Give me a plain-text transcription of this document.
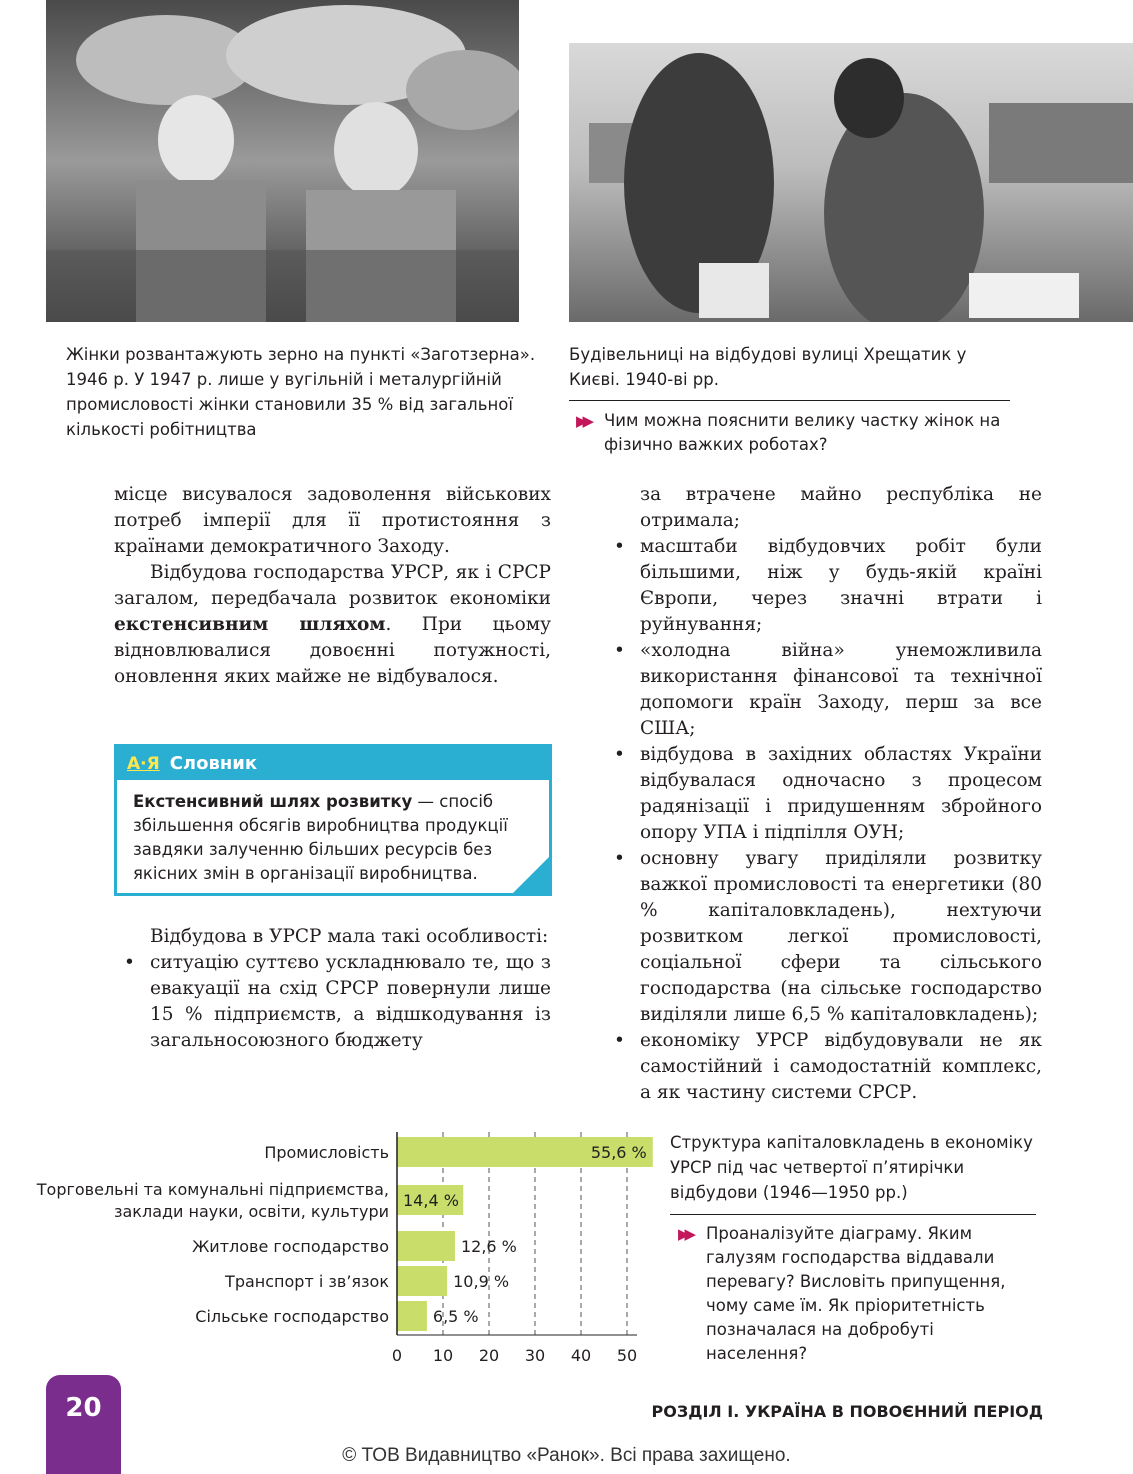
Жінки розвантажують зерно на пункті «Заготзерна». 1946 р. У 1947 р. лише у вугільній і металургійній промисловості жінки становили 35 % від загальної кількості робітництва
Будівельниці на відбудові вулиці Хрещатик у Києві. 1940-ві рр.
▶▶ Чим можна пояснити велику частку жінок на фізично важких роботах?

місце висувалося задоволення військових потреб імперії для її протистояння з країнами демократичного Заходу.

Відбудова господарства УРСР, як і СРСР загалом, передбачала розвиток економіки екстенсивним шляхом. При цьому відновлювалися довоєнні потужності, оновлення яких майже не відбувалося.

А·Я Словник
Екстенсивний шлях розвитку — спосіб збільшення обсягів виробництва продукції завдяки залученню більших ресурсів без якісних змін в організації виробництва.

Відбудова в УРСР мала такі особливості:

• ситуацію суттєво ускладнювало те, що з евакуації на схід СРСР повернули лише 15 % підприємств, а відшкодування із загальносоюзного бюджету

за втрачене майно республіка не отримала;

• масштаби відбудовчих робіт були більшими, ніж у будь-якій країні Європи, через значні втрати і руйнування;
• «холодна війна» унеможливила використання фінансової та технічної допомоги країн Заходу, перш за все США;
• відбудова в західних областях України відбувалася одночасно з процесом радянізації і придушенням збройного опору УПА і підпілля ОУН;
• основну увагу приділяли розвитку важкої промисловості та енергетики (80 % капіталовкладень), нехтуючи розвитком легкої промисловості, соціальної сфери та сільського господарства (на сільське господарство виділяли лише 6,5 % капіталовкладень);
• економіку УРСР відбудовували не як самостійний і самодостатній комплекс, а як частину системи СРСР.
Промисловість
Торговельні та комунальні підприємства,
заклади науки, освіти, культури
Житлове господарство
Транспорт і зв’язок
Сільське господарство
55,6 %
14,4 %
12,6 %
10,9 %
6,5 %
0 10 20 30 40 50
Структура капіталовкладень в економіку УРСР під час четвертої п’ятирічки відбудови (1946—1950 рр.)
▶▶ Проаналізуйте діаграму. Яким галузям господарства віддавали перевагу? Висловіть припущення, чому саме їм. Як пріоритетність позначалася на добробуті населення?
20	РОЗДІЛ І. УКРАЇНА В ПОВОЄННИЙ ПЕРІОД
© ТОВ Видавництво «Ранок». Всі права захищено.
